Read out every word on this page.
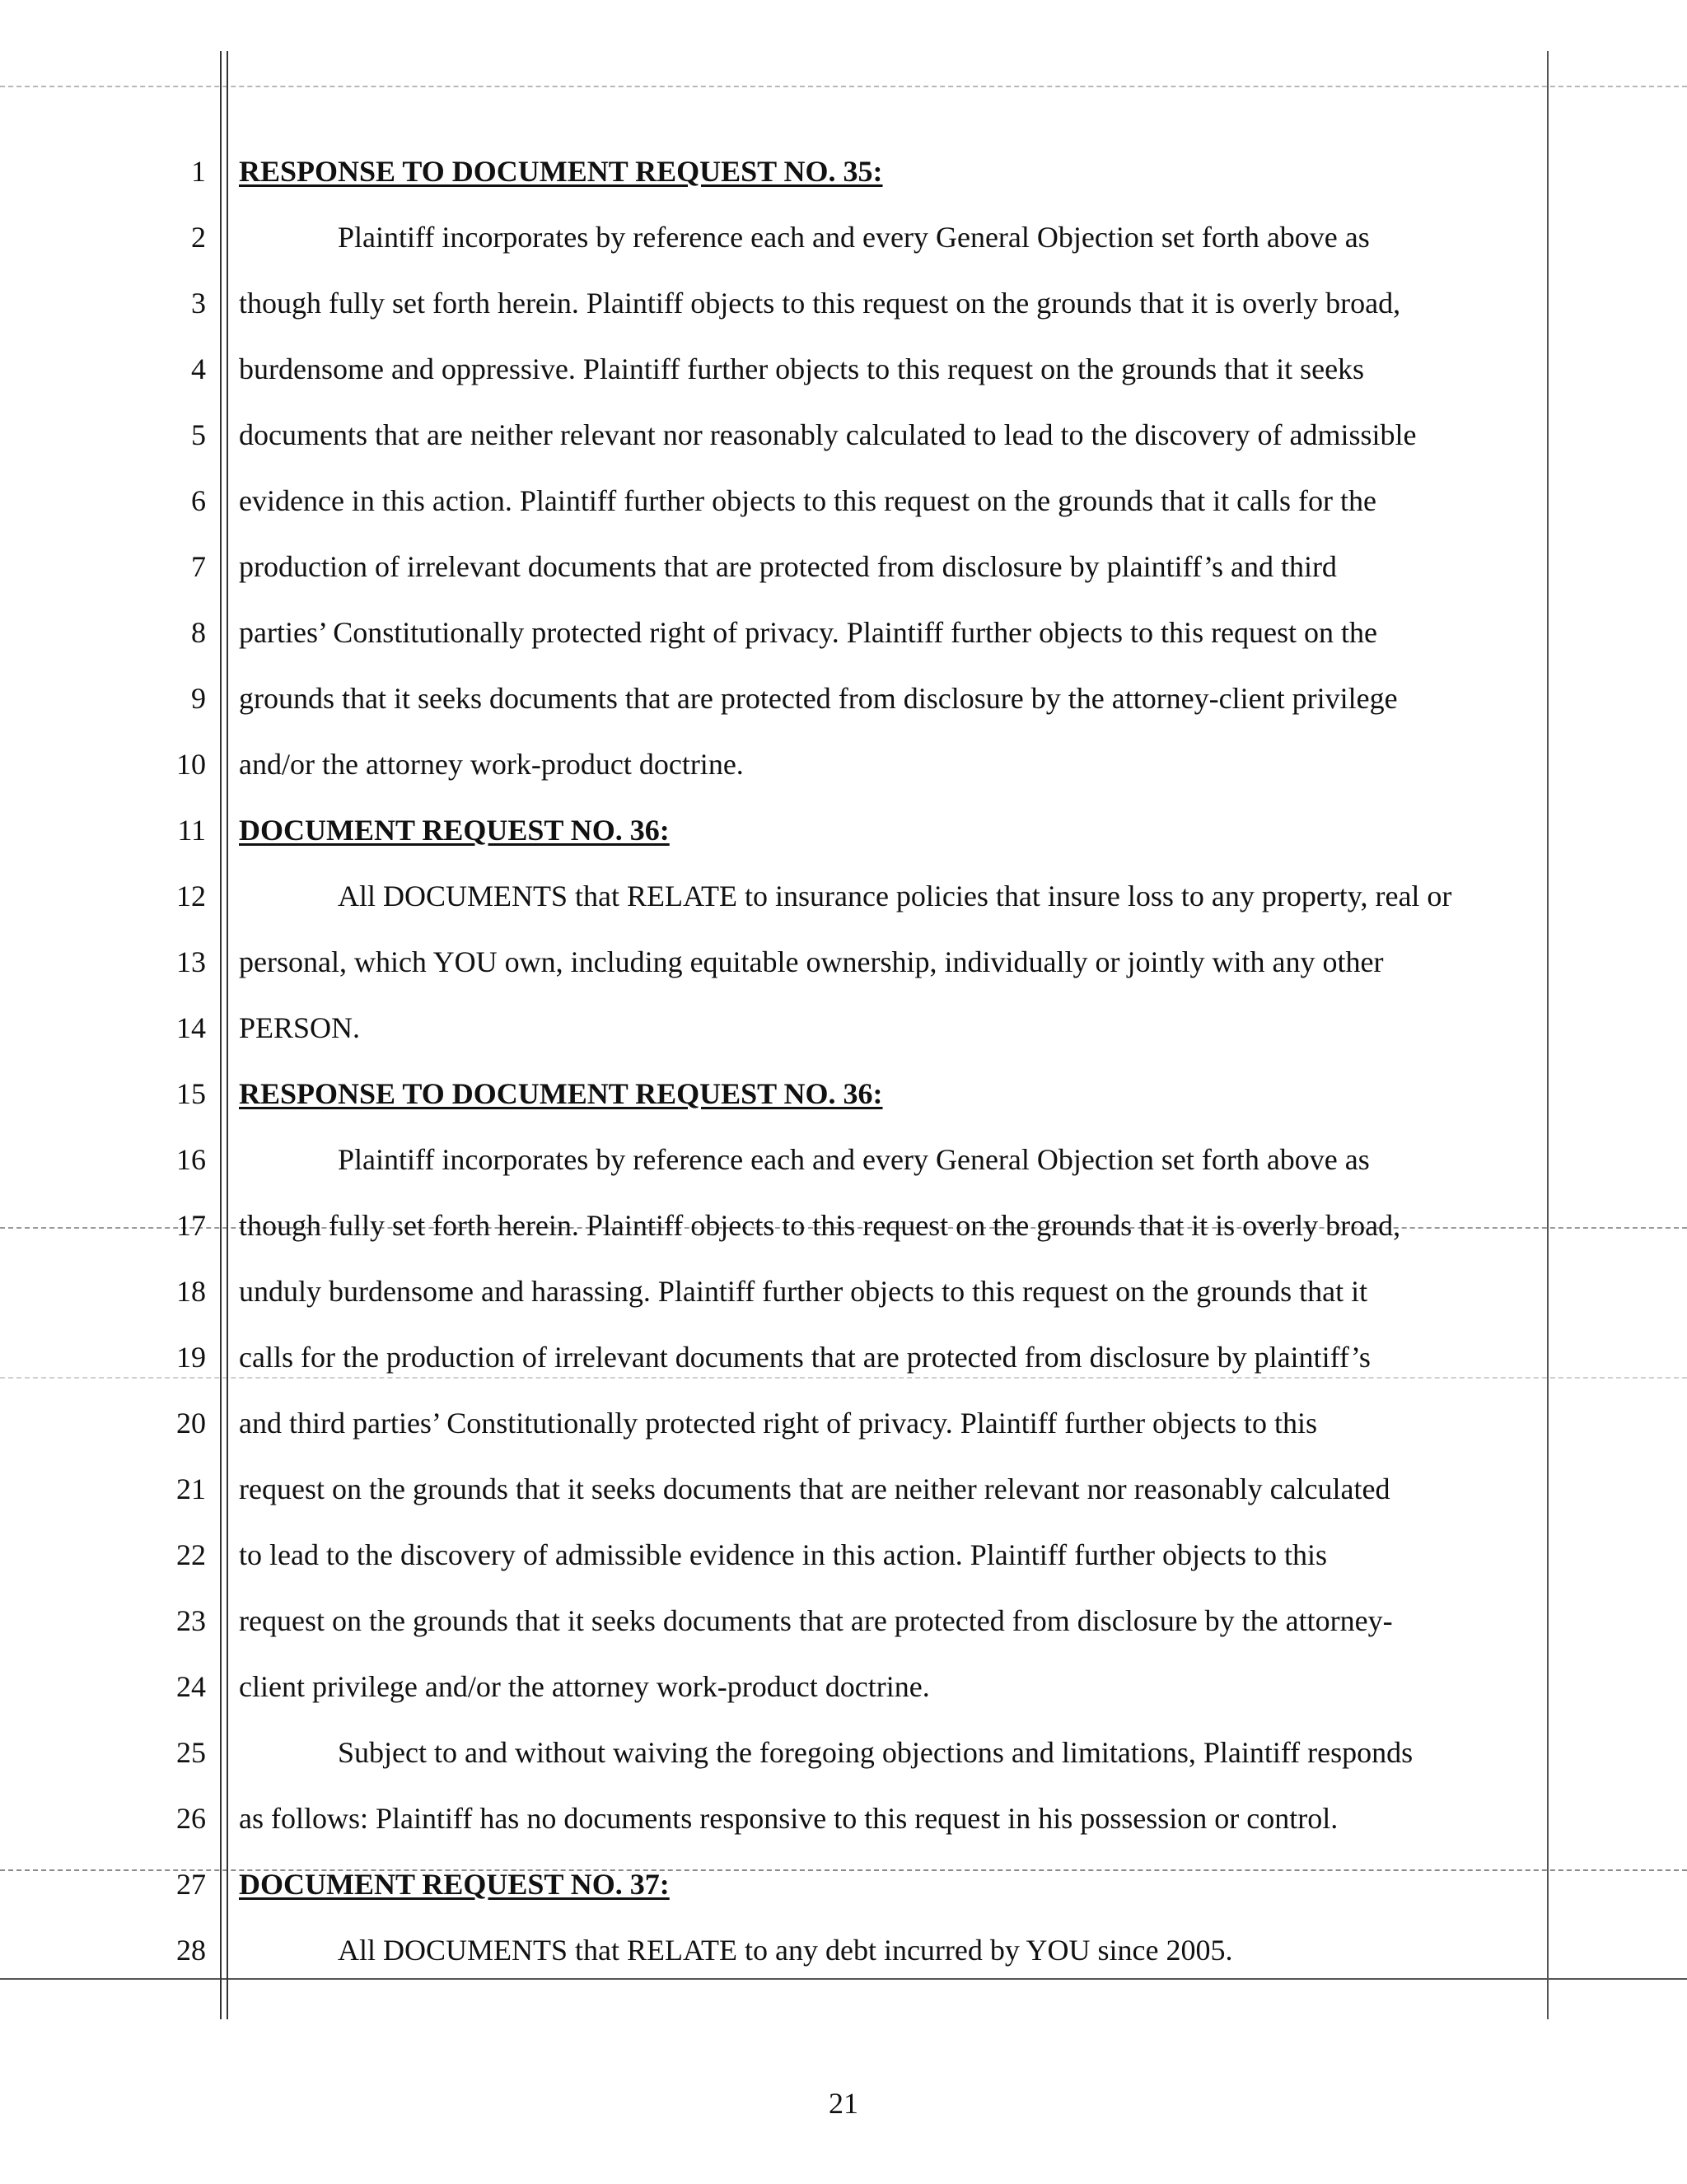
1
2
3
4
5
6
7
8
9
10
11
12
13
14
15
16
17
18
19
20
21
22
23
24
25
26
27
28
RESPONSE TO DOCUMENT REQUEST NO. 35:
Plaintiff incorporates by reference each and every General Objection set forth above as
though fully set forth herein. Plaintiff objects to this request on the grounds that it is overly broad,
burdensome and oppressive. Plaintiff further objects to this request on the grounds that it seeks
documents that are neither relevant nor reasonably calculated to lead to the discovery of admissible
evidence in this action. Plaintiff further objects to this request on the grounds that it calls for the
production of irrelevant documents that are protected from disclosure by plaintiff’s and third
parties’ Constitutionally protected right of privacy. Plaintiff further objects to this request on the
grounds that it seeks documents that are protected from disclosure by the attorney-client privilege
and/or the attorney work-product doctrine.
DOCUMENT REQUEST NO. 36:
All DOCUMENTS that RELATE to insurance policies that insure loss to any property, real or
personal, which YOU own, including equitable ownership, individually or jointly with any other
PERSON.
RESPONSE TO DOCUMENT REQUEST NO. 36:
Plaintiff incorporates by reference each and every General Objection set forth above as
though fully set forth herein. Plaintiff objects to this request on the grounds that it is overly broad,
unduly burdensome and harassing. Plaintiff further objects to this request on the grounds that it
calls for the production of irrelevant documents that are protected from disclosure by plaintiff’s
and third parties’ Constitutionally protected right of privacy. Plaintiff further objects to this
request on the grounds that it seeks documents that are neither relevant nor reasonably calculated
to lead to the discovery of admissible evidence in this action. Plaintiff further objects to this
request on the grounds that it seeks documents that are protected from disclosure by the attorney-
client privilege and/or the attorney work-product doctrine.
Subject to and without waiving the foregoing objections and limitations, Plaintiff responds
as follows: Plaintiff has no documents responsive to this request in his possession or control.
DOCUMENT REQUEST NO. 37:
All DOCUMENTS that RELATE to any debt incurred by YOU since 2005.
21
